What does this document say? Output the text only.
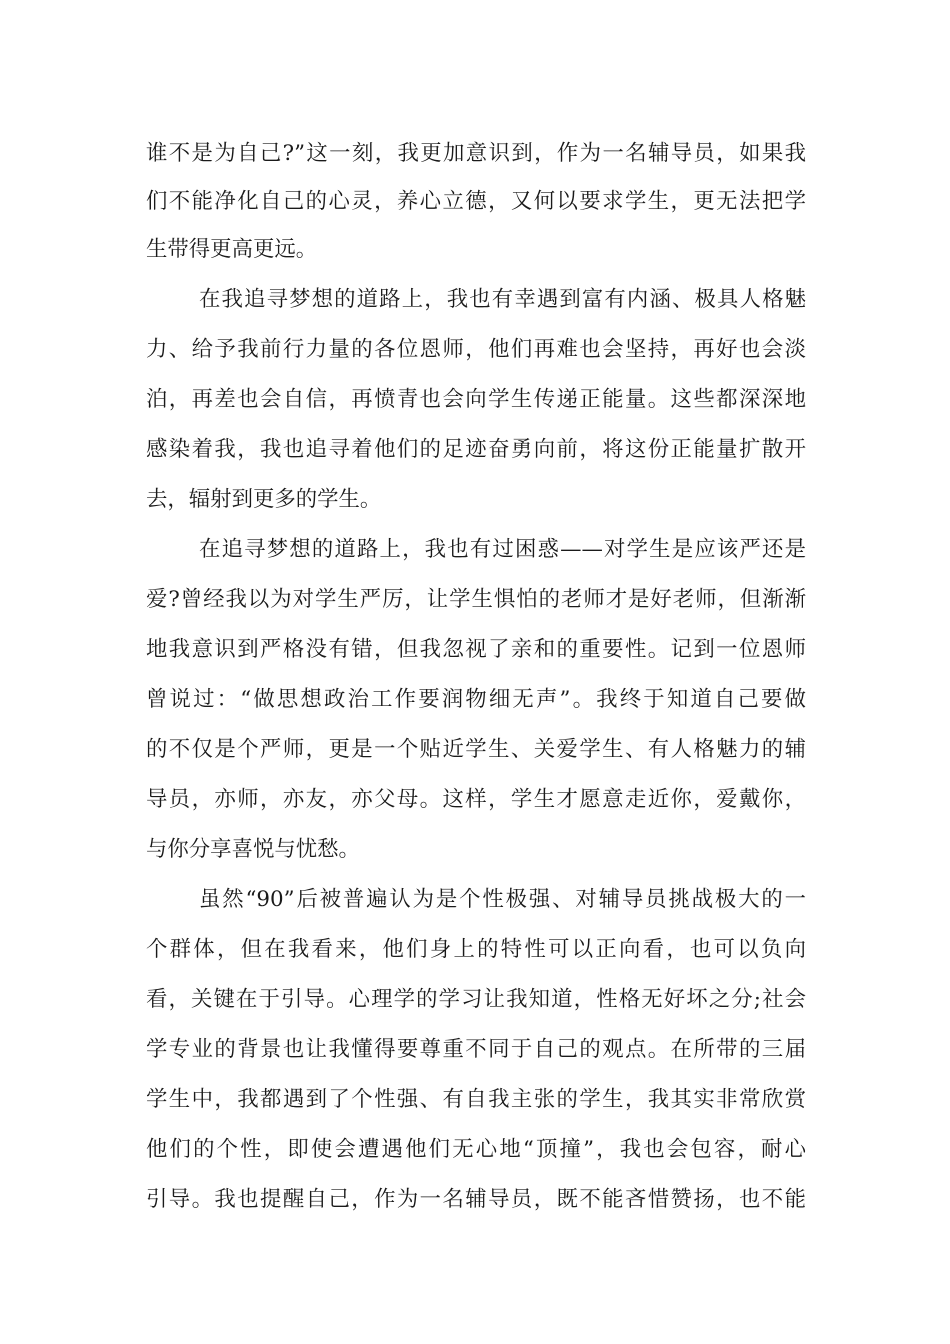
谁不是为自己?”这一刻，我更加意识到，作为一名辅导员，如果我
们不能净化自己的心灵，养心立德，又何以要求学生，更无法把学
生带得更高更远。
在我追寻梦想的道路上，我也有幸遇到富有内涵、极具人格魅
力、给予我前行力量的各位恩师，他们再难也会坚持，再好也会淡
泊，再差也会自信，再愤青也会向学生传递正能量。这些都深深地
感染着我，我也追寻着他们的足迹奋勇向前，将这份正能量扩散开
去，辐射到更多的学生。
在追寻梦想的道路上，我也有过困惑——对学生是应该严还是
爱?曾经我以为对学生严厉，让学生惧怕的老师才是好老师，但渐渐
地我意识到严格没有错，但我忽视了亲和的重要性。记到一位恩师
曾说过：“做思想政治工作要润物细无声”。我终于知道自己要做
的不仅是个严师，更是一个贴近学生、关爱学生、有人格魅力的辅
导员，亦师，亦友，亦父母。这样，学生才愿意走近你，爱戴你，
与你分享喜悦与忧愁。
虽然“90”后被普遍认为是个性极强、对辅导员挑战极大的一
个群体，但在我看来，他们身上的特性可以正向看，也可以负向
看，关键在于引导。心理学的学习让我知道，性格无好坏之分;社会
学专业的背景也让我懂得要尊重不同于自己的观点。在所带的三届
学生中，我都遇到了个性强、有自我主张的学生，我其实非常欣赏
他们的个性，即使会遭遇他们无心地“顶撞”，我也会包容，耐心
引导。我也提醒自己，作为一名辅导员，既不能吝惜赞扬，也不能
